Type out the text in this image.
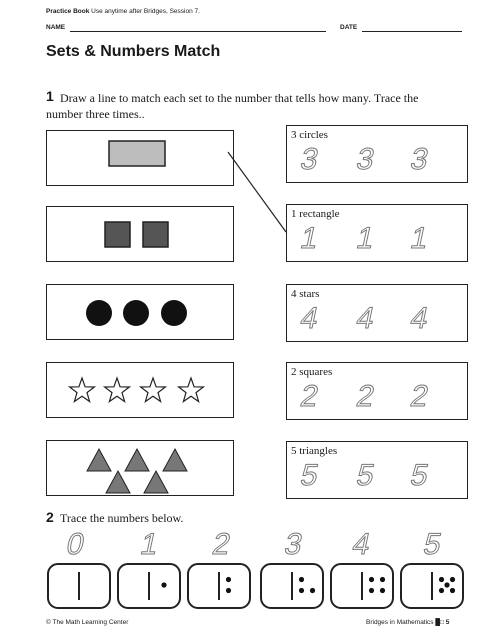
Practice Book Use anytime after Bridges, Session 7.
NAME	DATE
Sets & Numbers Match
1 Draw a line to match each set to the number that tells how many. Trace the
number three times..
3 circles
3 3 3
1 rectangle
1 1 1
4 stars
4 4 4
2 squares
2 2 2
5 triangles
5 5 5
2 Trace the numbers below.
0 1 2 3 4 5
© The Math Learning Center	Bridges in Mathematics █□ 5
